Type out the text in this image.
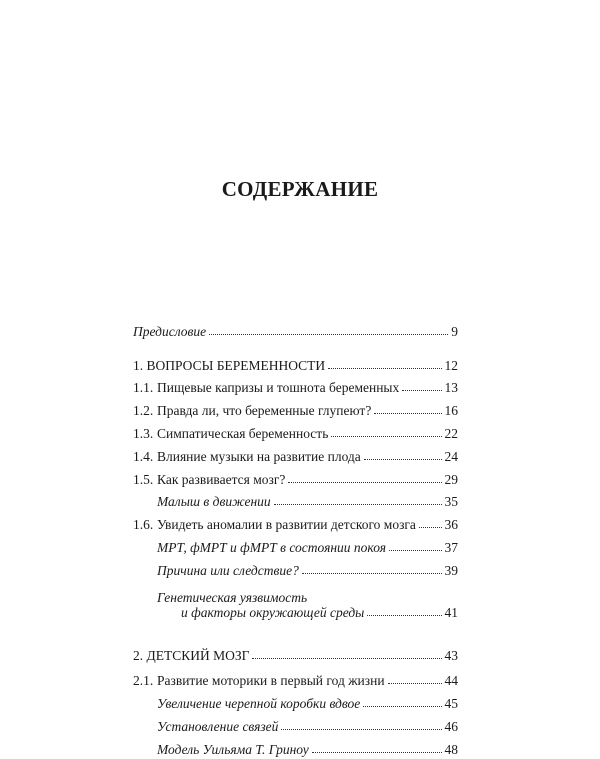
СОДЕРЖАНИЕ
Предисловие	9
1. ВОПРОСЫ БЕРЕМЕННОСТИ	12
1.1. Пищевые капризы и тошнота беременных	13
1.2. Правда ли, что беременные глупеют?	16
1.3. Симпатическая беременность	22
1.4. Влияние музыки на развитие плода	24
1.5. Как развивается мозг?	29
Малыш в движении	35
1.6. Увидеть аномалии в развитии детского мозга 36
МРТ, фМРТ и фМРТ в состоянии покоя	37
Причина или следствие?	39
Генетическая уязвимость
и факторы окружающей среды	41
2. ДЕТСКИЙ МОЗГ	43
2.1. Развитие моторики в первый год жизни	44
Увеличение черепной коробки вдвое	45
Установление связей	46
Модель Уильяма Т. Гриноу	48
